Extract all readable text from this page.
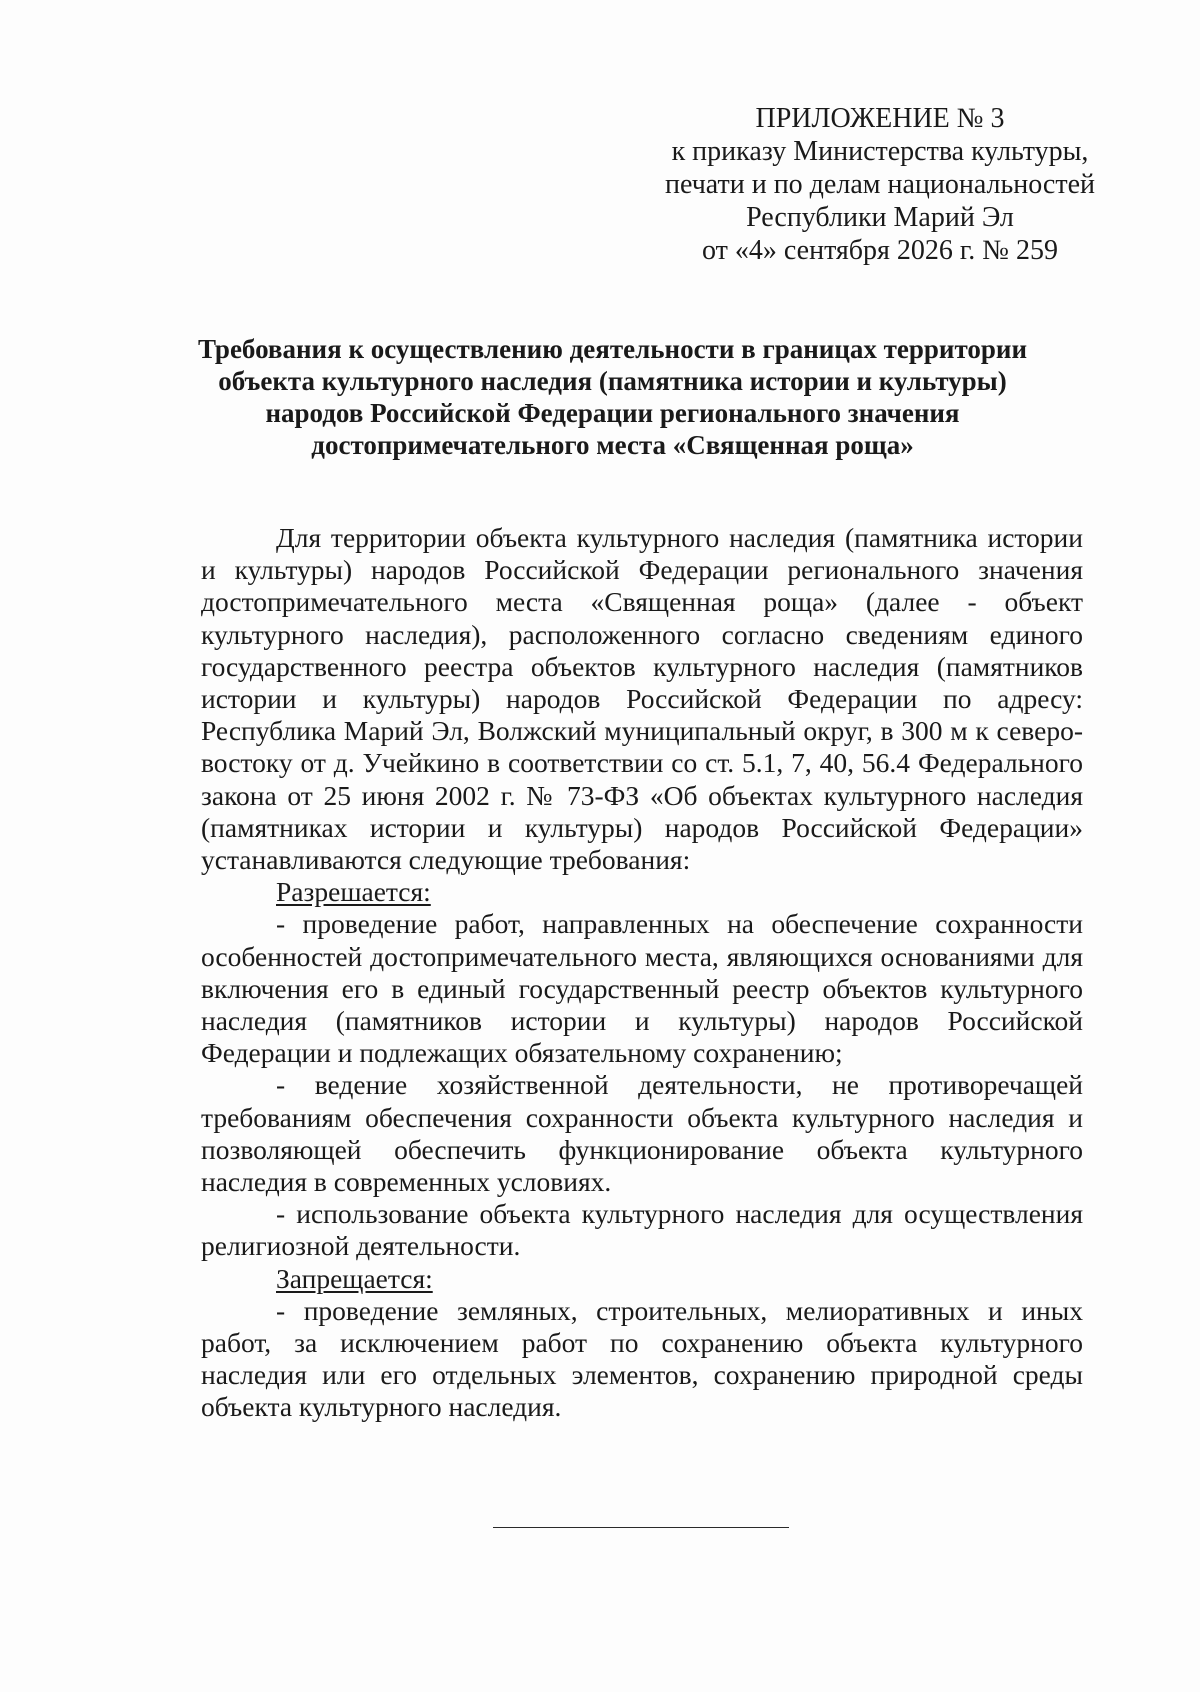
ПРИЛОЖЕНИЕ № 3
к приказу Министерства культуры,
печати и по делам национальностей
Республики Марий Эл
от «4» сентября 2026 г. № 259
Требования к осуществлению деятельности в границах территории
объекта культурного наследия (памятника истории и культуры)
народов Российской Федерации регионального значения
достопримечательного места «Священная роща»

Для территории объекта культурного наследия (памятника истории и культуры) народов Российской Федерации регионального значения достопримечательного места «Священная роща» (далее - объект культурного наследия), расположенного согласно сведениям единого государственного реестра объектов культурного наследия (памятников истории и культуры) народов Российской Федерации по адресу: Республика Марий Эл, Волжский муниципальный округ, в 300 м к северо-востоку от д. Учейкино в соответствии со ст. 5.1, 7, 40, 56.4 Федерального закона от 25 июня 2002 г. № 73-ФЗ «Об объектах культурного наследия (памятниках истории и культуры) народов Российской Федерации» устанавливаются следующие требования:

Разрешается:

- проведение работ, направленных на обеспечение сохранности особенностей достопримечательного места, являющихся основаниями для включения его в единый государственный реестр объектов культурного наследия (памятников истории и культуры) народов Российской Федерации и подлежащих обязательному сохранению;

- ведение хозяйственной деятельности, не противоречащей требованиям обеспечения сохранности объекта культурного наследия и позволяющей обеспечить функционирование объекта культурного наследия в современных условиях.

- использование объекта культурного наследия для осуществления религиозной деятельности.

Запрещается:

- проведение земляных, строительных, мелиоративных и иных работ, за исключением работ по сохранению объекта культурного наследия или его отдельных элементов, сохранению природной среды объекта культурного наследия.
